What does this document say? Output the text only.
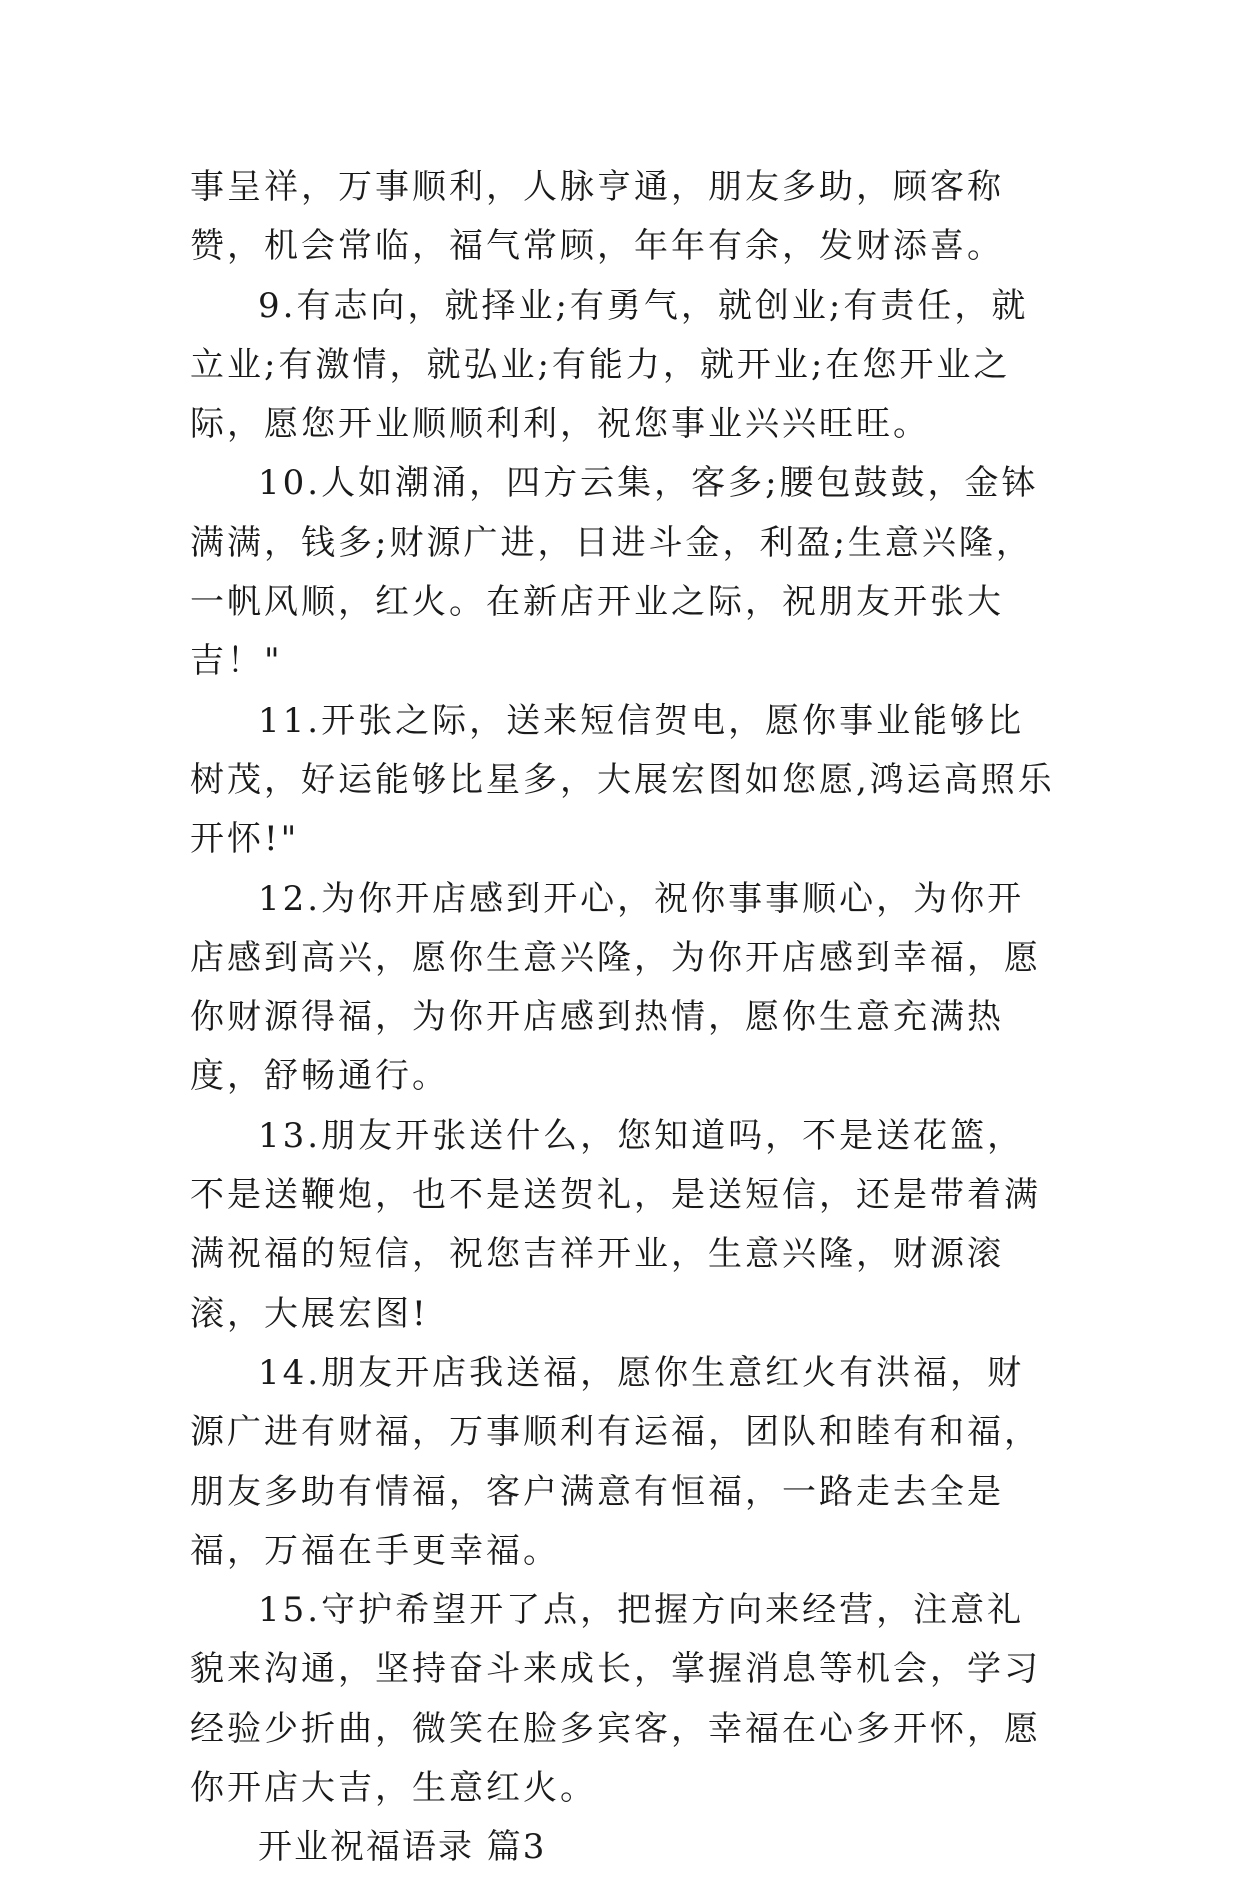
事呈祥，万事顺利，人脉亨通，朋友多助，顾客称赞，机会常临，福气常顾，年年有余，发财添喜。

9.有志向，就择业;有勇气，就创业;有责任，就立业;有激情，就弘业;有能力，就开业;在您开业之际，愿您开业顺顺利利，祝您事业兴兴旺旺。

10.人如潮涌，四方云集，客多;腰包鼓鼓，金钵满满，钱多;财源广进，日进斗金，利盈;生意兴隆，一帆风顺，红火。在新店开业之际，祝朋友开张大吉！"

11.开张之际，送来短信贺电，愿你事业能够比树茂，好运能够比星多，大展宏图如您愿,鸿运高照乐开怀!"

12.为你开店感到开心，祝你事事顺心，为你开店感到高兴，愿你生意兴隆，为你开店感到幸福，愿你财源得福，为你开店感到热情，愿你生意充满热度，舒畅通行。

13.朋友开张送什么，您知道吗，不是送花篮，不是送鞭炮，也不是送贺礼，是送短信，还是带着满满祝福的短信，祝您吉祥开业，生意兴隆，财源滚滚，大展宏图!

14.朋友开店我送福，愿你生意红火有洪福，财源广进有财福，万事顺利有运福，团队和睦有和福，朋友多助有情福，客户满意有恒福，一路走去全是福，万福在手更幸福。

15.守护希望开了点，把握方向来经营，注意礼貌来沟通，坚持奋斗来成长，掌握消息等机会，学习经验少折曲，微笑在脸多宾客，幸福在心多开怀，愿你开店大吉，生意红火。

开业祝福语录 篇3
